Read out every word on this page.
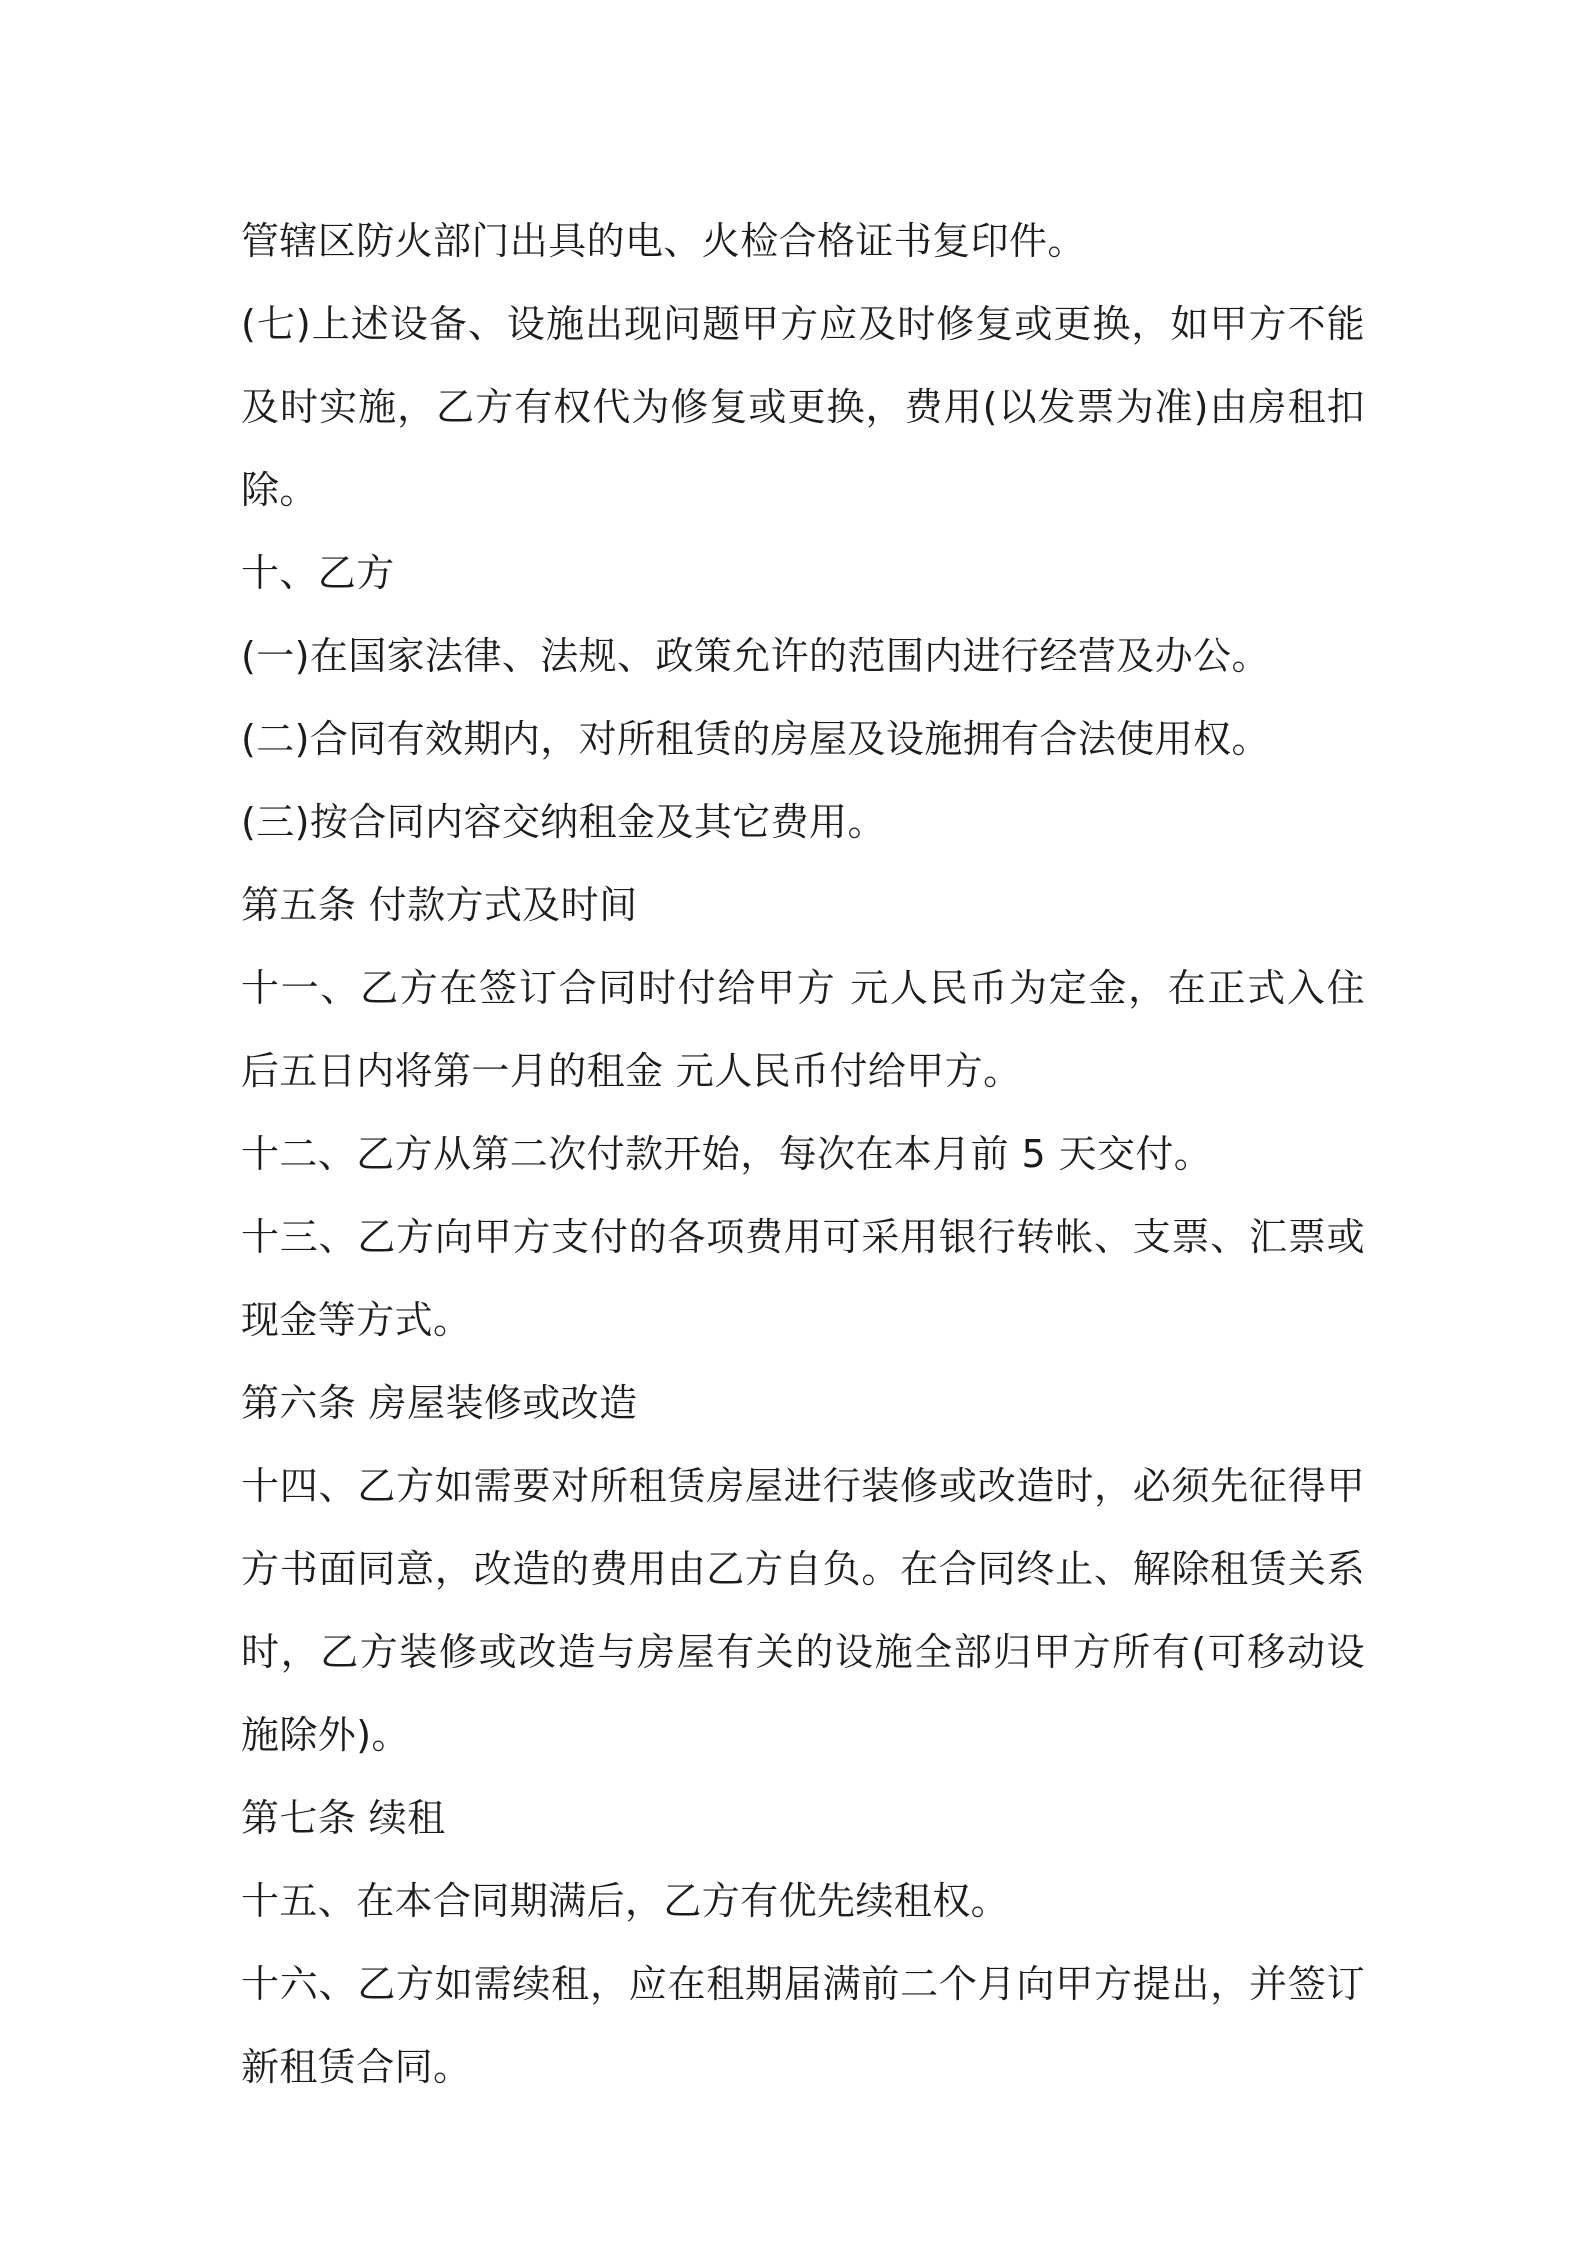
管辖区防火部门出具的电、火检合格证书复印件。

(七)上述设备、设施出现问题甲方应及时修复或更换，如甲方不能及时实施，乙方有权代为修复或更换，费用(以发票为准)由房租扣除。

十、乙方

(一)在国家法律、法规、政策允许的范围内进行经营及办公。

(二)合同有效期内，对所租赁的房屋及设施拥有合法使用权。

(三)按合同内容交纳租金及其它费用。

第五条 付款方式及时间

十一、乙方在签订合同时付给甲方 元人民币为定金，在正式入住后五日内将第一月的租金 元人民币付给甲方。

十二、乙方从第二次付款开始，每次在本月前 5 天交付。

十三、乙方向甲方支付的各项费用可采用银行转帐、支票、汇票或现金等方式。

第六条 房屋装修或改造

十四、乙方如需要对所租赁房屋进行装修或改造时，必须先征得甲方书面同意，改造的费用由乙方自负。在合同终止、解除租赁关系时，乙方装修或改造与房屋有关的设施全部归甲方所有(可移动设施除外)。

第七条 续租

十五、在本合同期满后，乙方有优先续租权。

十六、乙方如需续租，应在租期届满前二个月向甲方提出，并签订新租赁合同。
